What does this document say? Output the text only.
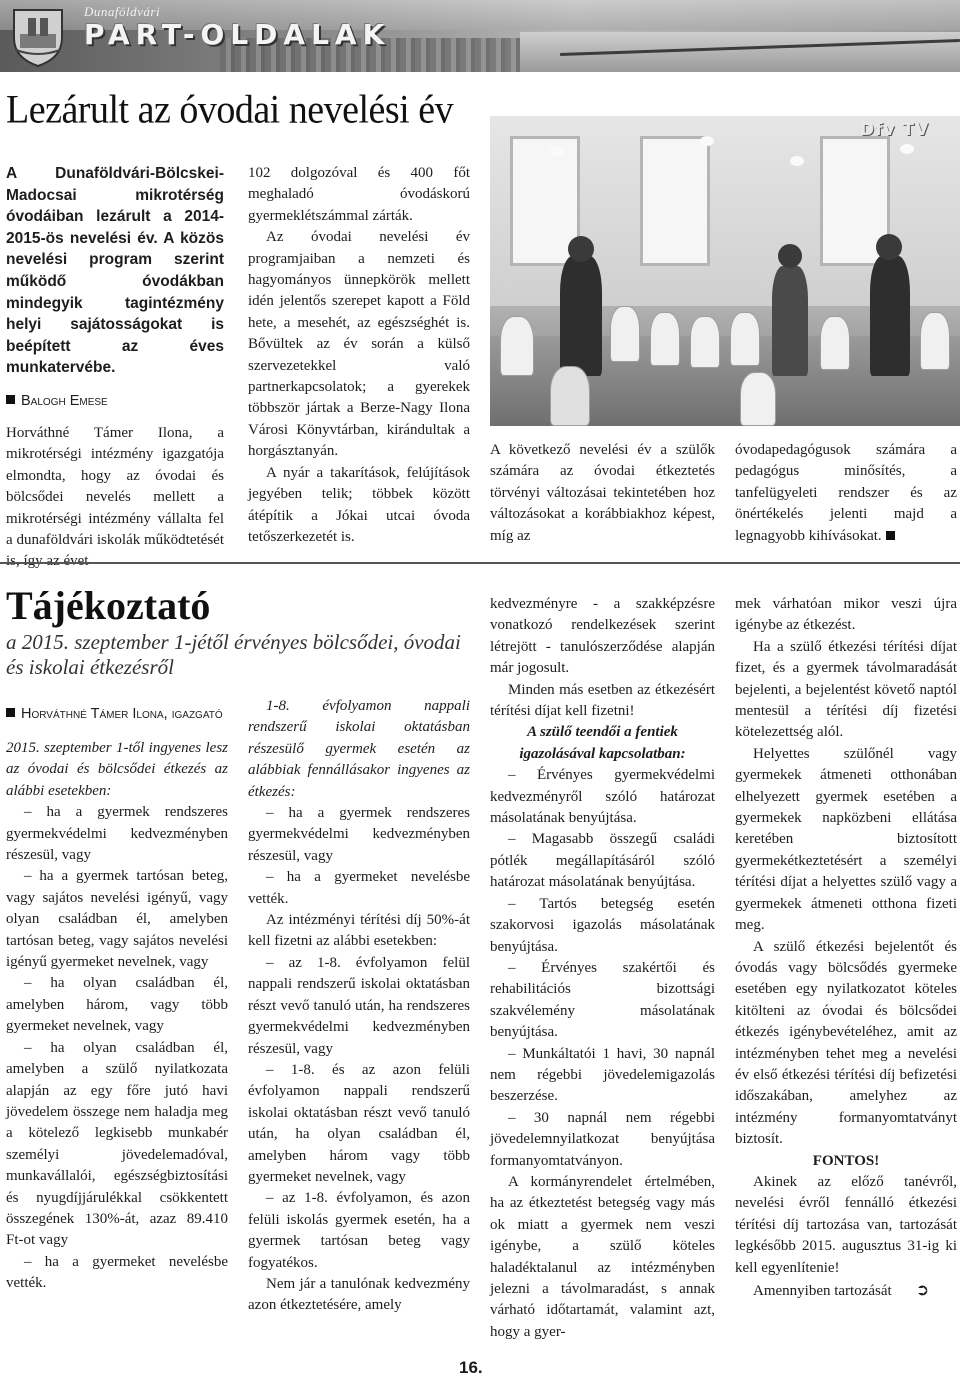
Dunaföldvári
PART-OLDALAK
Lezárult az óvodai nevelési év

A Dunaföldvári-Bölcskei-Madocsai mikrotérség óvodáiban lezárult a 2014-2015-ös nevelési év. A közös nevelési program szerint működő óvodákban mindegyik tagintézmény helyi sajátosságokat is beépített az éves munkatervébe.

Balogh Emese

Horváthné Támer Ilona, a mikrotérségi intézmény igazgatója elmondta, hogy az óvodai és bölcsődei nevelés mellett a mikrotérségi intézmény vállalta fel a dunaföldvári iskolák működtetését

102 dolgozóval és 400 főt meghaladó óvodáskorú gyermeklétszámmal zárták.

Az óvodai nevelési év programjaiban a nemzeti és hagyományos ünnepkörök mellett idén jelentős szerepet kapott a Föld hete, a mesehét, az egészséghét is. Bővültek az év során a külső szervezetekkel való partnerkapcsolatok; a gyerekek többször jártak a Berze-Nagy Ilona Városi Könyvtárban, kirándultak a horgásztanyán.

A nyár a takarítások, felújítások jegyében telik; többek között átépítik a Jókai utcai óvoda tetőszerkezetét is.

Dfv TV

A következő nevelési év a szülők számára az óvodai étkeztetés törvényi változásai tekintetében hoz változásokat a korábbiakhoz képest, míg az

óvodapedagógusok számára a pedagógus minősítés, a tanfelügyeleti rendszer és az önértékelés jelenti majd a legnagyobb kihívásokat.

Tájékoztató
a 2015. szeptember 1-jétől érvényes bölcsődei, óvodai és iskolai étkezésről

Horváthné Támer Ilona, igazgató

2015. szeptember 1-től ingyenes lesz az óvodai és bölcsődei étkezés az alábbi esetekben:

– ha a gyermek rendszeres gyermekvédelmi kedvezményben részesül, vagy

– ha a gyermek tartósan beteg, vagy sajátos nevelési igényű, vagy olyan családban él, amelyben tartósan beteg, vagy sajátos nevelési igényű gyermeket nevelnek, vagy

– ha olyan családban él, amelyben három, vagy több gyermeket nevelnek, vagy

– ha olyan családban él, amelyben a szülő nyilatkozata alapján az egy főre jutó havi jövedelem összege nem haladja meg a kötelező legkisebb munkabér személyi jövedelemadóval, munkavállalói, egészségbiztosítási és nyugdíjjárulékkal csökkentett összegének 130%-át, azaz 89.410 Ft-ot vagy

– ha a gyermeket nevelésbe vették.

1-8. évfolyamon nappali rendszerű iskolai oktatásban részesülő gyermek esetén az alábbiak fennállásakor ingyenes az étkezés:

– ha a gyermek rendszeres gyermekvédelmi kedvezményben részesül, vagy

– ha a gyermeket nevelésbe vették.

Az intézményi térítési díj 50%-át kell fizetni az alábbi esetekben:

– az 1-8. évfolyamon felül nappali rendszerű iskolai oktatásban részt vevő tanuló után, ha rendszeres gyermekvédelmi kedvezményben részesül, vagy

– 1-8. és az azon felüli évfolyamon nappali rendszerű iskolai oktatásban részt vevő tanuló után, ha olyan családban él, amelyben három vagy több gyermeket nevelnek, vagy

– az 1-8. évfolyamon, és azon felüli iskolás gyermek esetén, ha a gyermek tartósan beteg vagy fogyatékos.

Nem jár a tanulónak kedvezmény azon étkeztetésére, amely

kedvezményre - a szakképzésre vonatkozó rendelkezések szerint létrejött - tanulószerződése alapján már jogosult.

Minden más esetben az étkezésért térítési díjat kell fizetni!

A szülő teendői a fentiek igazolásával kapcsolatban:

– Érvényes gyermekvédelmi kedvezményről szóló határozat másolatának benyújtása.

– Magasabb összegű családi pótlék megállapításáról szóló határozat másolatának benyújtása.

– Tartós betegség esetén szakorvosi igazolás másolatának benyújtása.

– Érvényes szakértői és rehabilitációs bizottsági szakvélemény másolatának benyújtása.

– Munkáltatói 1 havi, 30 napnál nem régebbi jövedelemigazolás beszerzése.

– 30 napnál nem régebbi jövedelemnyilatkozat benyújtása formanyomtatványon.

A kormányrendelet értelmében, ha az étkeztetést betegség vagy más ok miatt a gyermek nem veszi igénybe, a szülő köteles haladéktalanul az intézményben jelezni a távolmaradást, s annak várható időtartamát, valamint azt, hogy a gyer-

mek várhatóan mikor veszi újra igénybe az étkezést.

Ha a szülő étkezési térítési díjat fizet, és a gyermek távolmaradását bejelenti, a bejelentést követő naptól mentesül a térítési díj fizetési kötelezettség alól.

Helyettes szülőnél vagy gyermekek átmeneti otthonában elhelyezett gyermek esetében a gyermekek napközbeni ellátása keretében biztosított gyermekétkeztetésért a személyi térítési díjat a helyettes szülő vagy a gyermekek átmeneti otthona fizeti meg.

A szülő étkezési bejelentőt és óvodás vagy bölcsődés gyermeke esetében egy nyilatkozatot köteles kitölteni az óvodai és bölcsődei étkezés igénybevételéhez, amit az intézményben tehet meg a nevelési év első étkezési térítési díj befizetési időszakában, amelyhez az intézmény formanyomtatványt biztosít.

FONTOS!

Akinek az előző tanévről, nevelési évről fennálló étkezési térítési díj tartozása van, tartozását legkésőbb 2015. augusztus 31-ig ki kell egyenlítenie!

Amennyiben tartozását ➲

16.
